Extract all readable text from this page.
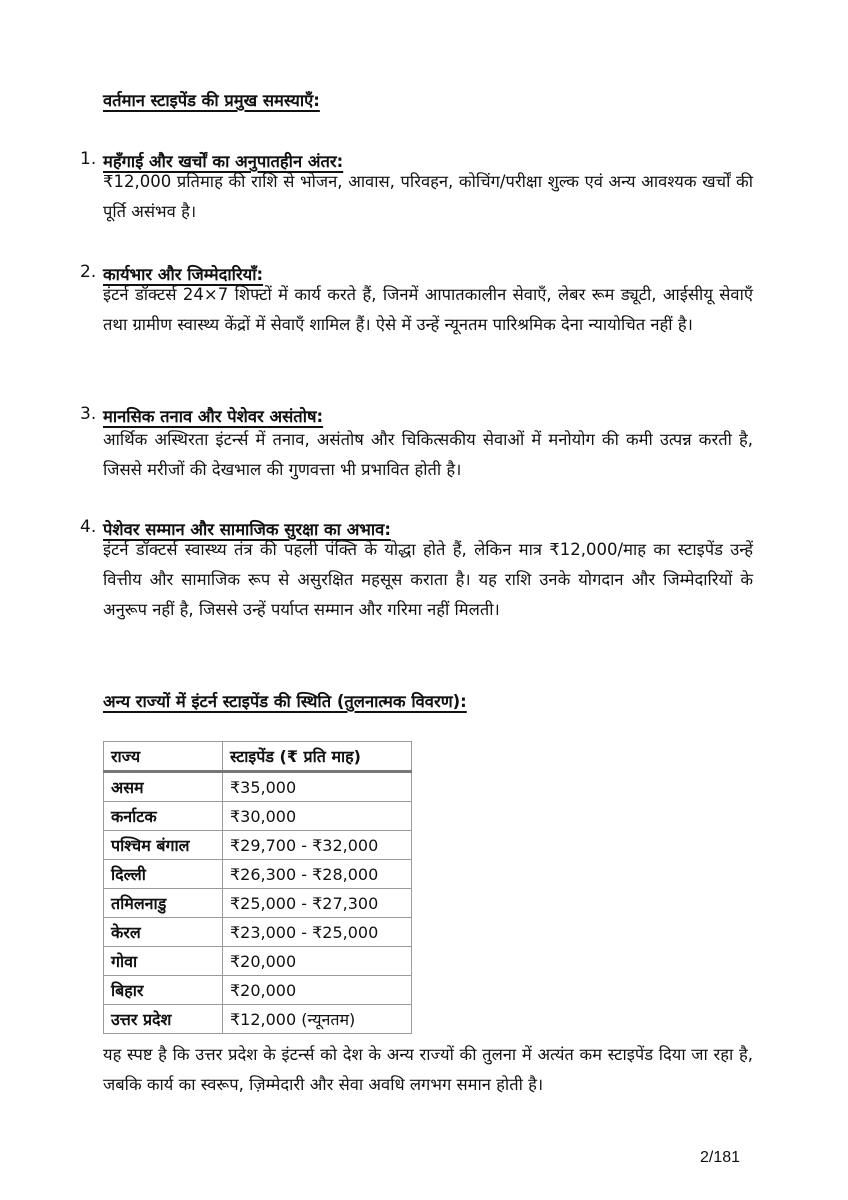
वर्तमान स्टाइपेंड की प्रमुख समस्याएँ:
1. महँगाई और खर्चों का अनुपातहीन अंतर:
₹12,000 प्रतिमाह की राशि से भोजन, आवास, परिवहन, कोचिंग/परीक्षा शुल्क एवं अन्य आवश्यक खर्चों की पूर्ति असंभव है।
2. कार्यभार और जिम्मेदारियाँ:
इंटर्न डॉक्टर्स 24×7 शिफ्टों में कार्य करते हैं, जिनमें आपातकालीन सेवाएँ, लेबर रूम ड्यूटी, आईसीयू सेवाएँ तथा ग्रामीण स्वास्थ्य केंद्रों में सेवाएँ शामिल हैं। ऐसे में उन्हें न्यूनतम पारिश्रमिक देना न्यायोचित नहीं है।
3. मानसिक तनाव और पेशेवर असंतोष:
आर्थिक अस्थिरता इंटर्न्स में तनाव, असंतोष और चिकित्सकीय सेवाओं में मनोयोग की कमी उत्पन्न करती है, जिससे मरीजों की देखभाल की गुणवत्ता भी प्रभावित होती है।
4. पेशेवर सम्मान और सामाजिक सुरक्षा का अभाव:
इंटर्न डॉक्टर्स स्वास्थ्य तंत्र की पहली पंक्ति के योद्धा होते हैं, लेकिन मात्र ₹12,000/माह का स्टाइपेंड उन्हें वित्तीय और सामाजिक रूप से असुरक्षित महसूस कराता है। यह राशि उनके योगदान और जिम्मेदारियों के अनुरूप नहीं है, जिससे उन्हें पर्याप्त सम्मान और गरिमा नहीं मिलती।
अन्य राज्यों में इंटर्न स्टाइपेंड की स्थिति (तुलनात्मक विवरण):
राज्य	स्टाइपेंड (₹ प्रति माह)
असम	₹35,000
कर्नाटक	₹30,000
पश्चिम बंगाल	₹29,700 - ₹32,000
दिल्ली	₹26,300 - ₹28,000
तमिलनाडु	₹25,000 - ₹27,300
केरल	₹23,000 - ₹25,000
गोवा	₹20,000
बिहार	₹20,000
उत्तर प्रदेश	₹12,000 (न्यूनतम)
यह स्पष्ट है कि उत्तर प्रदेश के इंटर्न्स को देश के अन्य राज्यों की तुलना में अत्यंत कम स्टाइपेंड दिया जा रहा है, जबकि कार्य का स्वरूप, ज़िम्मेदारी और सेवा अवधि लगभग समान होती है।
2/181
